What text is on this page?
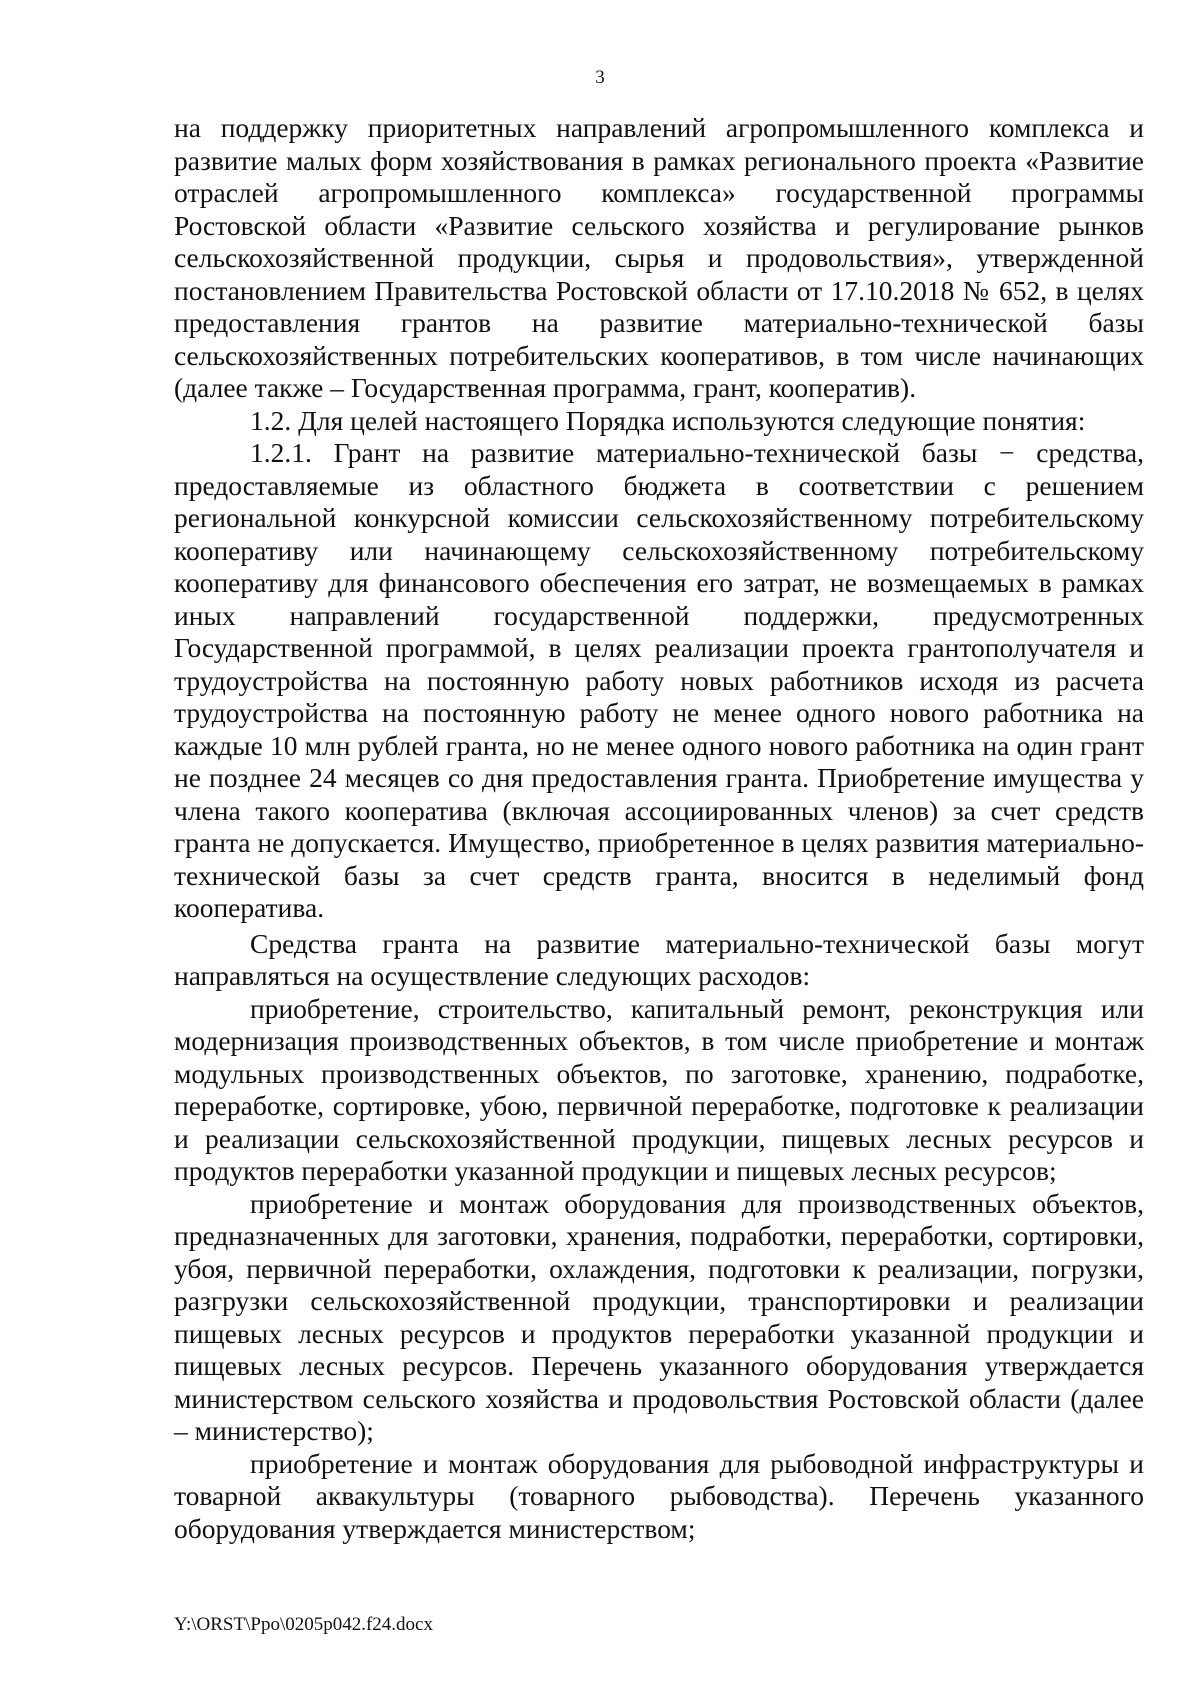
3

на поддержку приоритетных направлений агропромышленного комплекса и развитие малых форм хозяйствования в рамках регионального проекта «Развитие отраслей агропромышленного комплекса» государственной программы Ростовской области «Развитие сельского хозяйства и регулирование рынков сельскохозяйственной продукции, сырья и продовольствия», утвержденной постановлением Правительства Ростовской области от 17.10.2018 № 652, в целях предоставления грантов на развитие материально-технической базы сельскохозяйственных потребительских кооперативов, в том числе начинающих (далее также – Государственная программа, грант, кооператив).

1.2. Для целей настоящего Порядка используются следующие понятия:

1.2.1. Грант на развитие материально-технической базы − средства, предоставляемые из областного бюджета в соответствии с решением региональной конкурсной комиссии сельскохозяйственному потребительскому кооперативу или начинающему сельскохозяйственному потребительскому кооперативу для финансового обеспечения его затрат, не возмещаемых в рамках иных направлений государственной поддержки, предусмотренных Государственной программой, в целях реализации проекта грантополучателя и трудоустройства на постоянную работу новых работников исходя из расчета трудоустройства на постоянную работу не менее одного нового работника на каждые 10 млн рублей гранта, но не менее одного нового работника на один грант не позднее 24 месяцев со дня предоставления гранта. Приобретение имущества у члена такого кооператива (включая ассоциированных членов) за счет средств гранта не допускается. Имущество, приобретенное в целях развития материально-технической базы за счет средств гранта, вносится в неделимый фонд кооператива.

Средства гранта на развитие материально-технической базы могут направляться на осуществление следующих расходов:

приобретение, строительство, капитальный ремонт, реконструкция или модернизация производственных объектов, в том числе приобретение и монтаж модульных производственных объектов, по заготовке, хранению, подработке, переработке, сортировке, убою, первичной переработке, подготовке к реализации и реализации сельскохозяйственной продукции, пищевых лесных ресурсов и продуктов переработки указанной продукции и пищевых лесных ресурсов;

приобретение и монтаж оборудования для производственных объектов, предназначенных для заготовки, хранения, подработки, переработки, сортировки, убоя, первичной переработки, охлаждения, подготовки к реализации, погрузки, разгрузки сельскохозяйственной продукции, транспортировки и реализации пищевых лесных ресурсов и продуктов переработки указанной продукции и пищевых лесных ресурсов. Перечень указанного оборудования утверждается министерством сельского хозяйства и продовольствия Ростовской области (далее – министерство);

приобретение и монтаж оборудования для рыбоводной инфраструктуры и товарной аквакультуры (товарного рыбоводства). Перечень указанного оборудования утверждается министерством;

Y:\ORST\Ppo\0205p042.f24.docx
